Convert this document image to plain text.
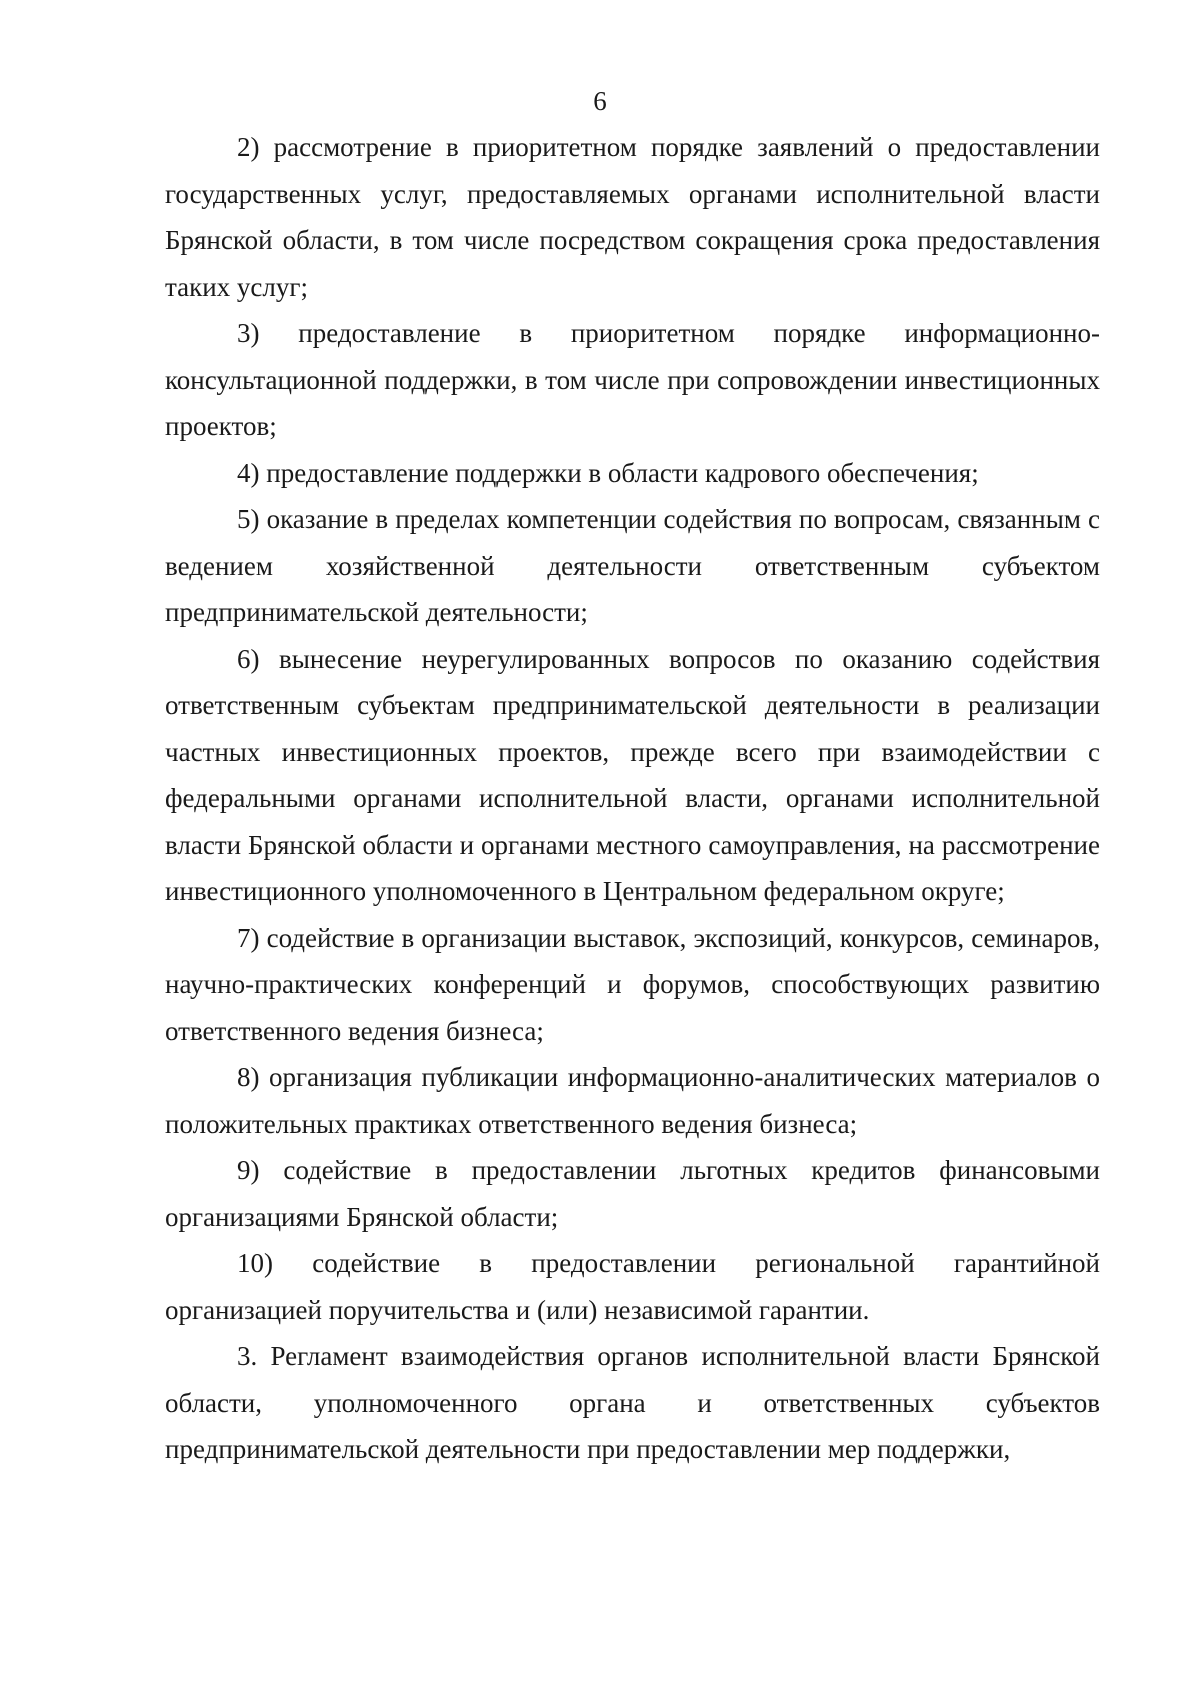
6

2) рассмотрение в приоритетном порядке заявлений о предоставлении государственных услуг, предоставляемых органами исполнительной власти Брянской области, в том числе посредством сокращения срока предоставления таких услуг;

3) предоставление в приоритетном порядке информационно-консультационной поддержки, в том числе при сопровождении инвестиционных проектов;

4) предоставление поддержки в области кадрового обеспечения;

5) оказание в пределах компетенции содействия по вопросам, связанным с ведением хозяйственной деятельности ответственным субъектом предпринимательской деятельности;

6) вынесение неурегулированных вопросов по оказанию содействия ответственным субъектам предпринимательской деятельности в реализации частных инвестиционных проектов, прежде всего при взаимодействии с федеральными органами исполнительной власти, органами исполнительной власти Брянской области и органами местного самоуправления, на рассмотрение инвестиционного уполномоченного в Центральном федеральном округе;

7) содействие в организации выставок, экспозиций, конкурсов, семинаров, научно-практических конференций и форумов, способствующих развитию ответственного ведения бизнеса;

8) организация публикации информационно-аналитических материалов о положительных практиках ответственного ведения бизнеса;

9) содействие в предоставлении льготных кредитов финансовыми организациями Брянской области;

10) содействие в предоставлении региональной гарантийной организацией поручительства и (или) независимой гарантии.

3. Регламент взаимодействия органов исполнительной власти Брянской области, уполномоченного органа и ответственных субъектов предпринимательской деятельности при предоставлении мер поддержки,
